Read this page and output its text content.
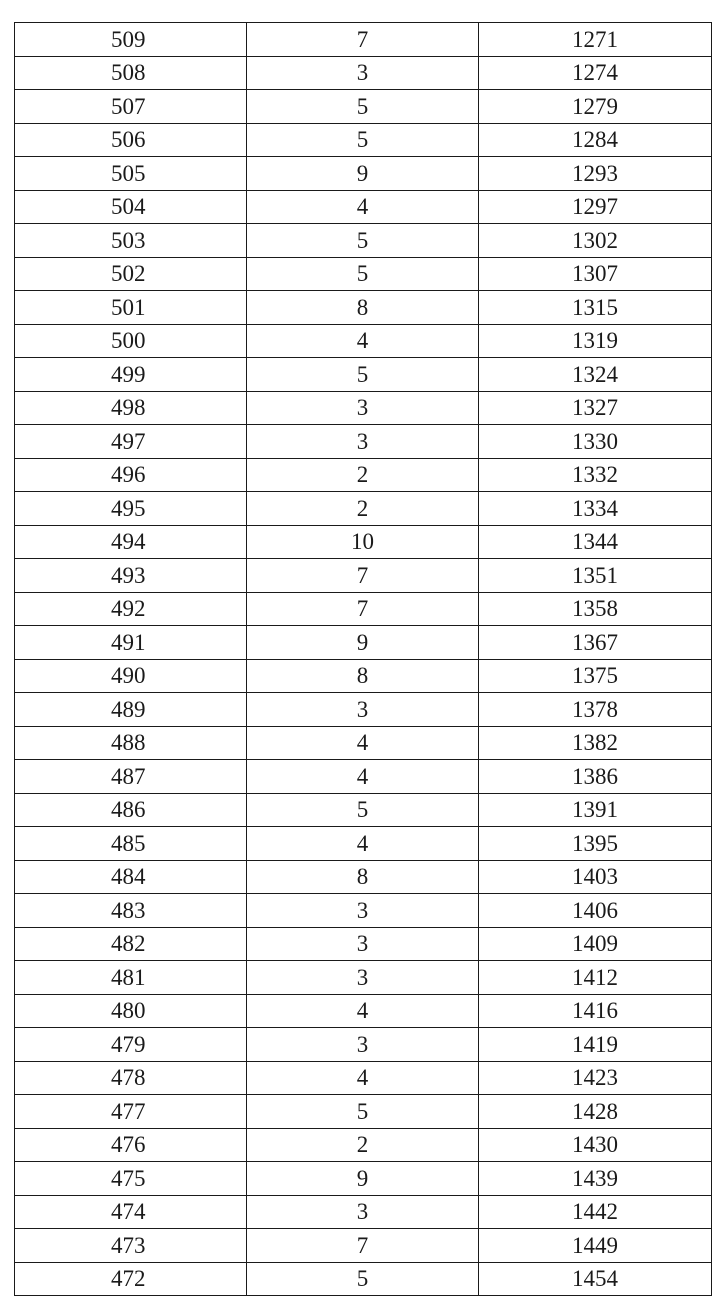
509	7	1271
508	3	1274
507	5	1279
506	5	1284
505	9	1293
504	4	1297
503	5	1302
502	5	1307
501	8	1315
500	4	1319
499	5	1324
498	3	1327
497	3	1330
496	2	1332
495	2	1334
494	10	1344
493	7	1351
492	7	1358
491	9	1367
490	8	1375
489	3	1378
488	4	1382
487	4	1386
486	5	1391
485	4	1395
484	8	1403
483	3	1406
482	3	1409
481	3	1412
480	4	1416
479	3	1419
478	4	1423
477	5	1428
476	2	1430
475	9	1439
474	3	1442
473	7	1449
472	5	1454
